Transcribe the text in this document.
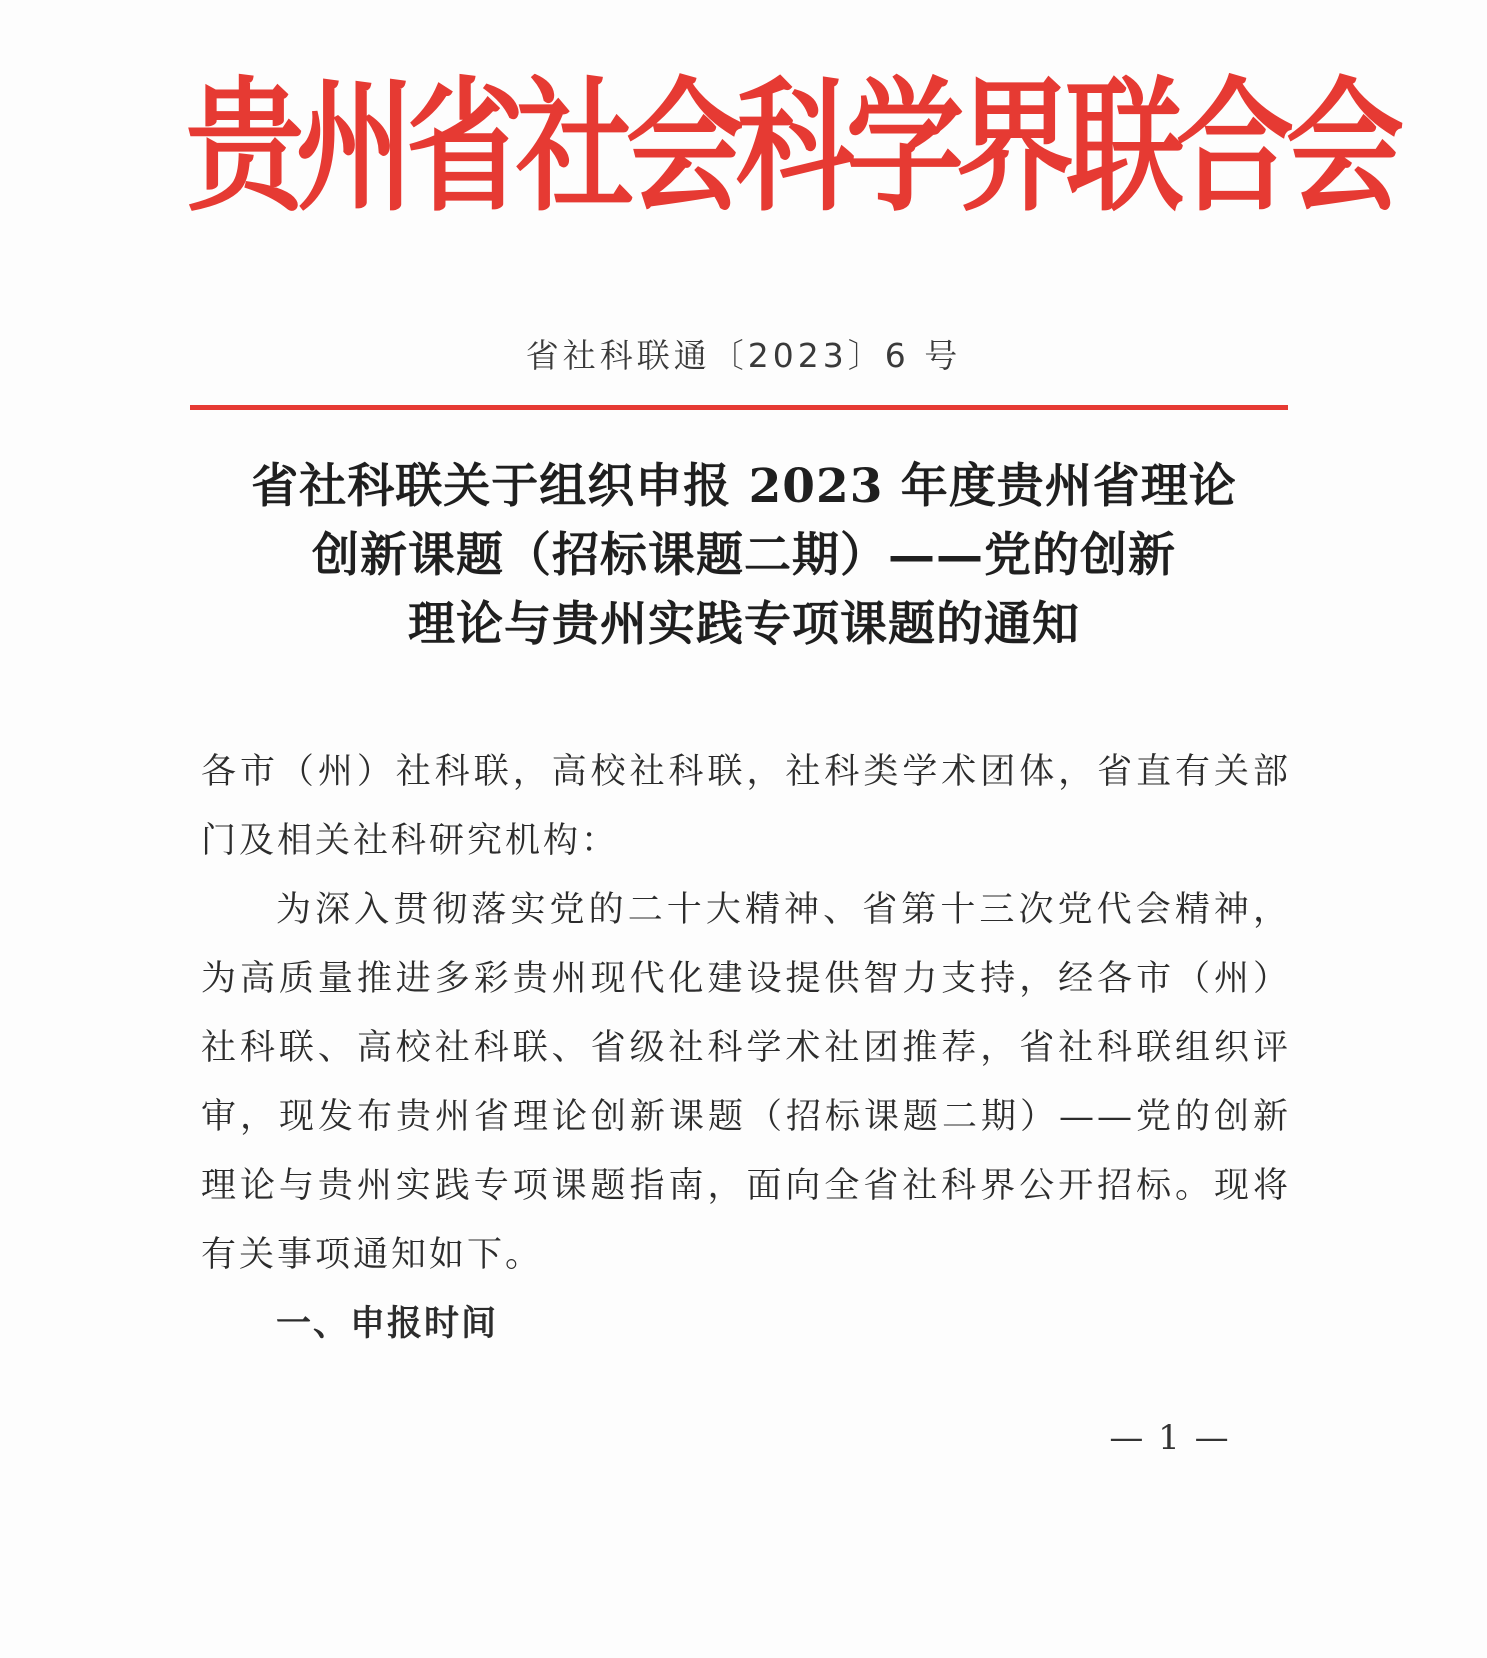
贵
州
省
社
会
科
学
界
联
合
会
省社科联通〔2023〕6 号
省社科联关于组织申报 2023 年度贵州省理论
创新课题（招标课题二期）——党的创新
理论与贵州实践专项课题的通知

各市（州）社科联，高校社科联，社科类学术团体，省直有关部门及相关社科研究机构：

为深入贯彻落实党的二十大精神、省第十三次党代会精神，为高质量推进多彩贵州现代化建设提供智力支持，经各市（州）社科联、高校社科联、省级社科学术社团推荐，省社科联组织评审，现发布贵州省理论创新课题（招标课题二期）——党的创新理论与贵州实践专项课题指南，面向全省社科界公开招标。现将有关事项通知如下。

一、申报时间

— 1 —
